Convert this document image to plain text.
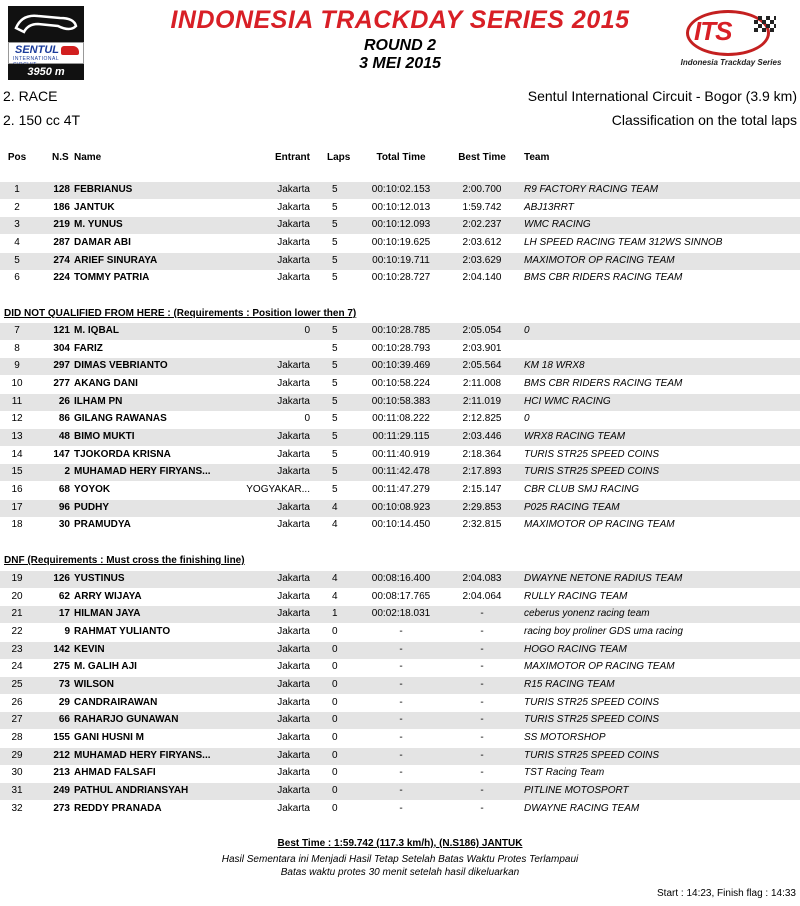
SENTUL
INTERNATIONAL
3950 m
INDONESIA TRACKDAY SERIES 2015
ROUND 2
3 MEI 2015
ITS
Indonesia Trackday Series
2. RACE
2. 150 cc 4T
Sentul International Circuit - Bogor (3.9 km)
Classification on the total laps
Pos	N.S Name	Entrant Laps	Total Time	Best Time	Team
1	128 FEBRIANUS	Jakarta 5	00:10:02.153	2:00.700	R9 FACTORY RACING TEAM
2	186 JANTUK	Jakarta 5	00:10:12.013	1:59.742	ABJ13RRT
3	219 M. YUNUS	Jakarta 5	00:10:12.093	2:02.237	WMC RACING
4	287 DAMAR ABI	Jakarta 5	00:10:19.625	2:03.612	LH SPEED RACING TEAM 312WS SINNOB
5	274 ARIEF SINURAYA	Jakarta 5	00:10:19.711	2:03.629	MAXIMOTOR OP RACING TEAM
6	224 TOMMY PATRIA	Jakarta 5	00:10:28.727	2:04.140	BMS CBR RIDERS RACING TEAM
7	121 M. IQBAL	0 5	00:10:28.785	2:05.054	0
8	304 FARIZ	5	00:10:28.793	2:03.901
9	297 DIMAS VEBRIANTO	Jakarta 5	00:10:39.469	2:05.564	KM 18 WRX8
10	277 AKANG DANI	Jakarta 5	00:10:58.224	2:11.008	BMS CBR RIDERS RACING TEAM
11	26 ILHAM PN	Jakarta 5	00:10:58.383	2:11.019	HCI WMC RACING
12	86 GILANG RAWANAS	0 5	00:11:08.222	2:12.825	0
13	48 BIMO MUKTI	Jakarta 5	00:11:29.115	2:03.446	WRX8 RACING TEAM
14	147 TJOKORDA KRISNA	Jakarta 5	00:11:40.919	2:18.364	TURIS STR25 SPEED COINS
15	2 MUHAMAD HERY FIRYANS...	Jakarta 5	00:11:42.478	2:17.893	TURIS STR25 SPEED COINS
16	68 YOYOK	YOGYAKAR... 5	00:11:47.279	2:15.147	CBR CLUB SMJ RACING
17	96 PUDHY	Jakarta 4	00:10:08.923	2:29.853	P025 RACING TEAM
18	30 PRAMUDYA	Jakarta 4	00:10:14.450	2:32.815	MAXIMOTOR OP RACING TEAM
19	126 YUSTINUS	Jakarta 4	00:08:16.400	2:04.083	DWAYNE NETONE RADIUS TEAM
20	62 ARRY WIJAYA	Jakarta 4	00:08:17.765	2:04.064	RULLY RACING TEAM
21	17 HILMAN JAYA	Jakarta 1	00:02:18.031	-	ceberus yonenz racing team
22	9 RAHMAT YULIANTO	Jakarta 0	-	-	racing boy proliner GDS uma racing
23	142 KEVIN	Jakarta 0	-	-	HOGO RACING TEAM
24	275 M. GALIH AJI	Jakarta 0	-	-	MAXIMOTOR OP RACING TEAM
25	73 WILSON	Jakarta 0	-	-	R15 RACING TEAM
26	29 CANDRAIRAWAN	Jakarta 0	-	-	TURIS STR25 SPEED COINS
27	66 RAHARJO GUNAWAN	Jakarta 0	-	-	TURIS STR25 SPEED COINS
28	155 GANI HUSNI M	Jakarta 0	-	-	SS MOTORSHOP
29	212 MUHAMAD HERY FIRYANS...	Jakarta 0	-	-	TURIS STR25 SPEED COINS
30	213 AHMAD FALSAFI	Jakarta 0	-	-	TST Racing Team
31	249 PATHUL ANDRIANSYAH	Jakarta 0	-	-	PITLINE MOTOSPORT
32	273 REDDY PRANADA	Jakarta 0	-	-	DWAYNE RACING TEAM
DID NOT QUALIFIED FROM HERE : (Requirements : Position lower then 7)
DNF (Requirements : Must cross the finishing line)
Best Time : 1:59.742 (117.3 km/h), (N.S186) JANTUK
Hasil Sementara ini Menjadi Hasil Tetap Setelah Batas Waktu Protes Terlampaui
Batas waktu protes 30 menit setelah hasil dikeluarkan
Start : 14:23, Finish flag : 14:33
